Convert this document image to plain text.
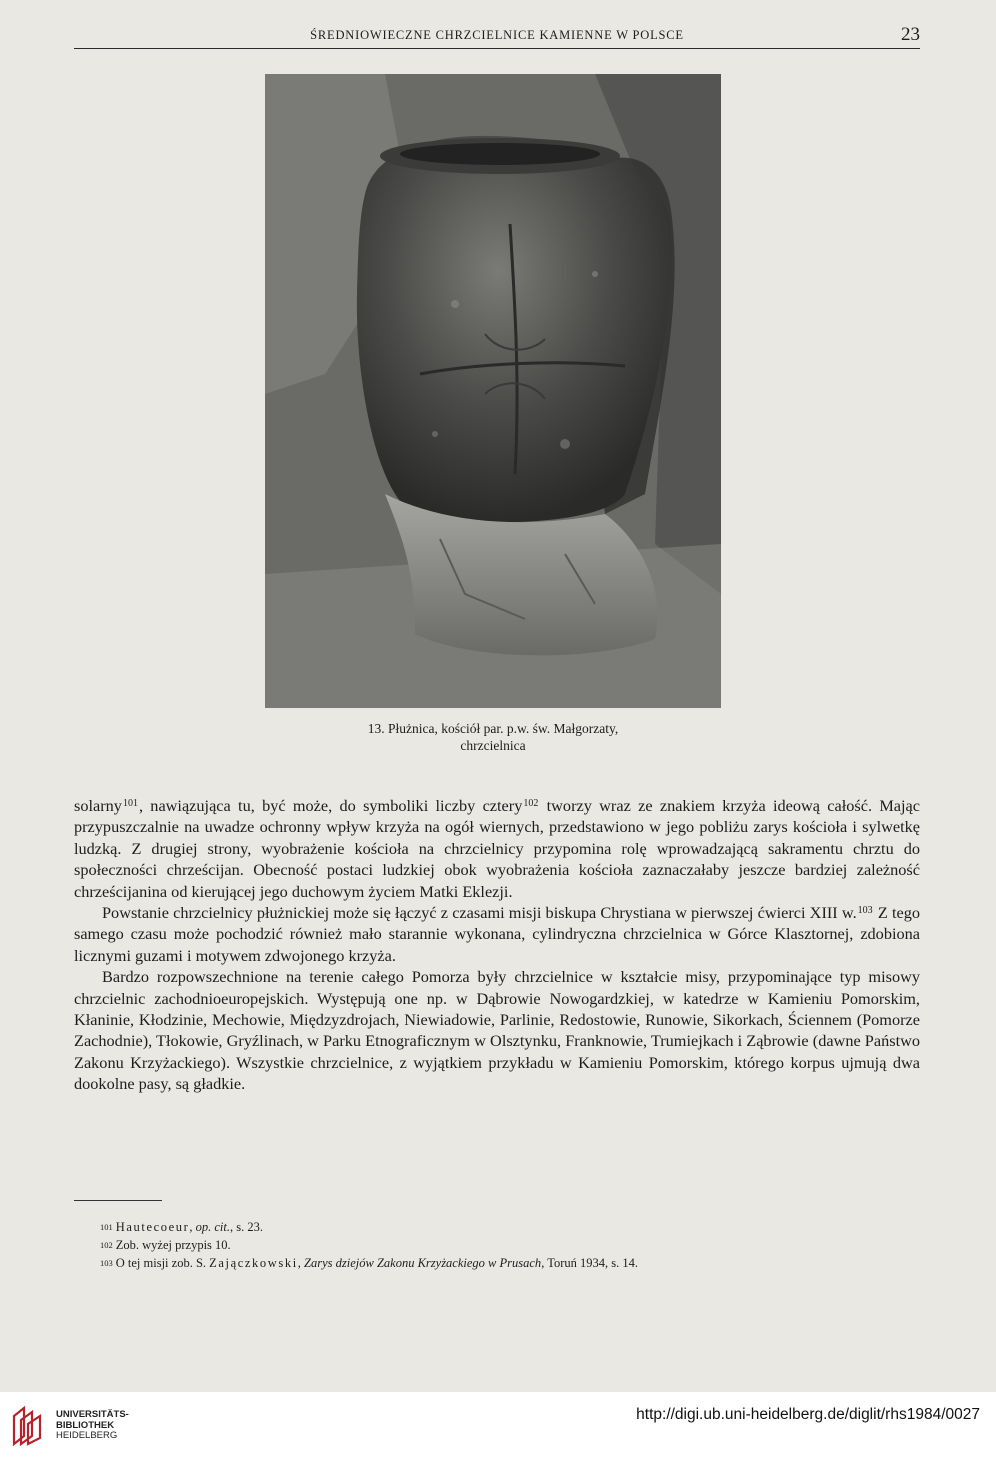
ŚREDNIOWIECZNE CHRZCIELNICE KAMIENNE W POLSCE	23
13. Płużnica, kościół par. p.w. św. Małgorzaty,
chrzcielnica

solarny$^{101}$, nawiązująca tu, być może, do symboliki liczby cztery$^{102}$ tworzy wraz ze znakiem krzyża ideową całość. Mając przypuszczalnie na uwadze ochronny wpływ krzyża na ogół wiernych, przedstawiono w jego pobliżu zarys kościoła i sylwetkę ludzką. Z drugiej strony, wyobrażenie kościoła na chrzcielnicy przypomina rolę wprowadzającą sakramentu chrztu do społeczności chrześcijan. Obecność postaci ludzkiej obok wyobrażenia kościoła zaznaczałaby jeszcze bardziej zależność chrześcijanina od kierującej jego duchowym życiem Matki Eklezji.

Powstanie chrzcielnicy płużnickiej może się łączyć z czasami misji biskupa Chrystiana w pierwszej ćwierci XIII w.$^{103}$ Z tego samego czasu może pochodzić również mało starannie wykonana, cylindryczna chrzcielnica w Górce Klasztornej, zdobiona licznymi guzami i motywem zdwojonego krzyża.

Bardzo rozpowszechnione na terenie całego Pomorza były chrzcielnice w kształcie misy, przypominające typ misowy chrzcielnic zachodnioeuropejskich. Występują one np. w Dąbrowie Nowogardzkiej, w katedrze w Kamieniu Pomorskim, Kłaninie, Kłodzinie, Mechowie, Międzyzdrojach, Niewiadowie, Parlinie, Redostowie, Runowie, Sikorkach, Ściennem (Pomorze Zachodnie), Tłokowie, Gryźlinach, w Parku Etnograficznym w Olsztynku, Franknowie, Trumiejkach i Ząbrowie (dawne Państwo Zakonu Krzyżackiego). Wszystkie chrzcielnice, z wyjątkiem przykładu w Kamieniu Pomorskim, którego korpus ujmują dwa dookolne pasy, są gładkie.

$^{101}$ Hautecoeur, op. cit., s. 23.
$^{102}$ Zob. wyżej przypis 10.
$^{103}$ O tej misji zob. S. Zajączkowski, Zarys dziejów Zakonu Krzyżackiego w Prusach, Toruń 1934, s. 14.
UNIVERSITÄTS-
BIBLIOTHEK
HEIDELBERG
http://digi.ub.uni-heidelberg.de/diglit/rhs1984/0027
